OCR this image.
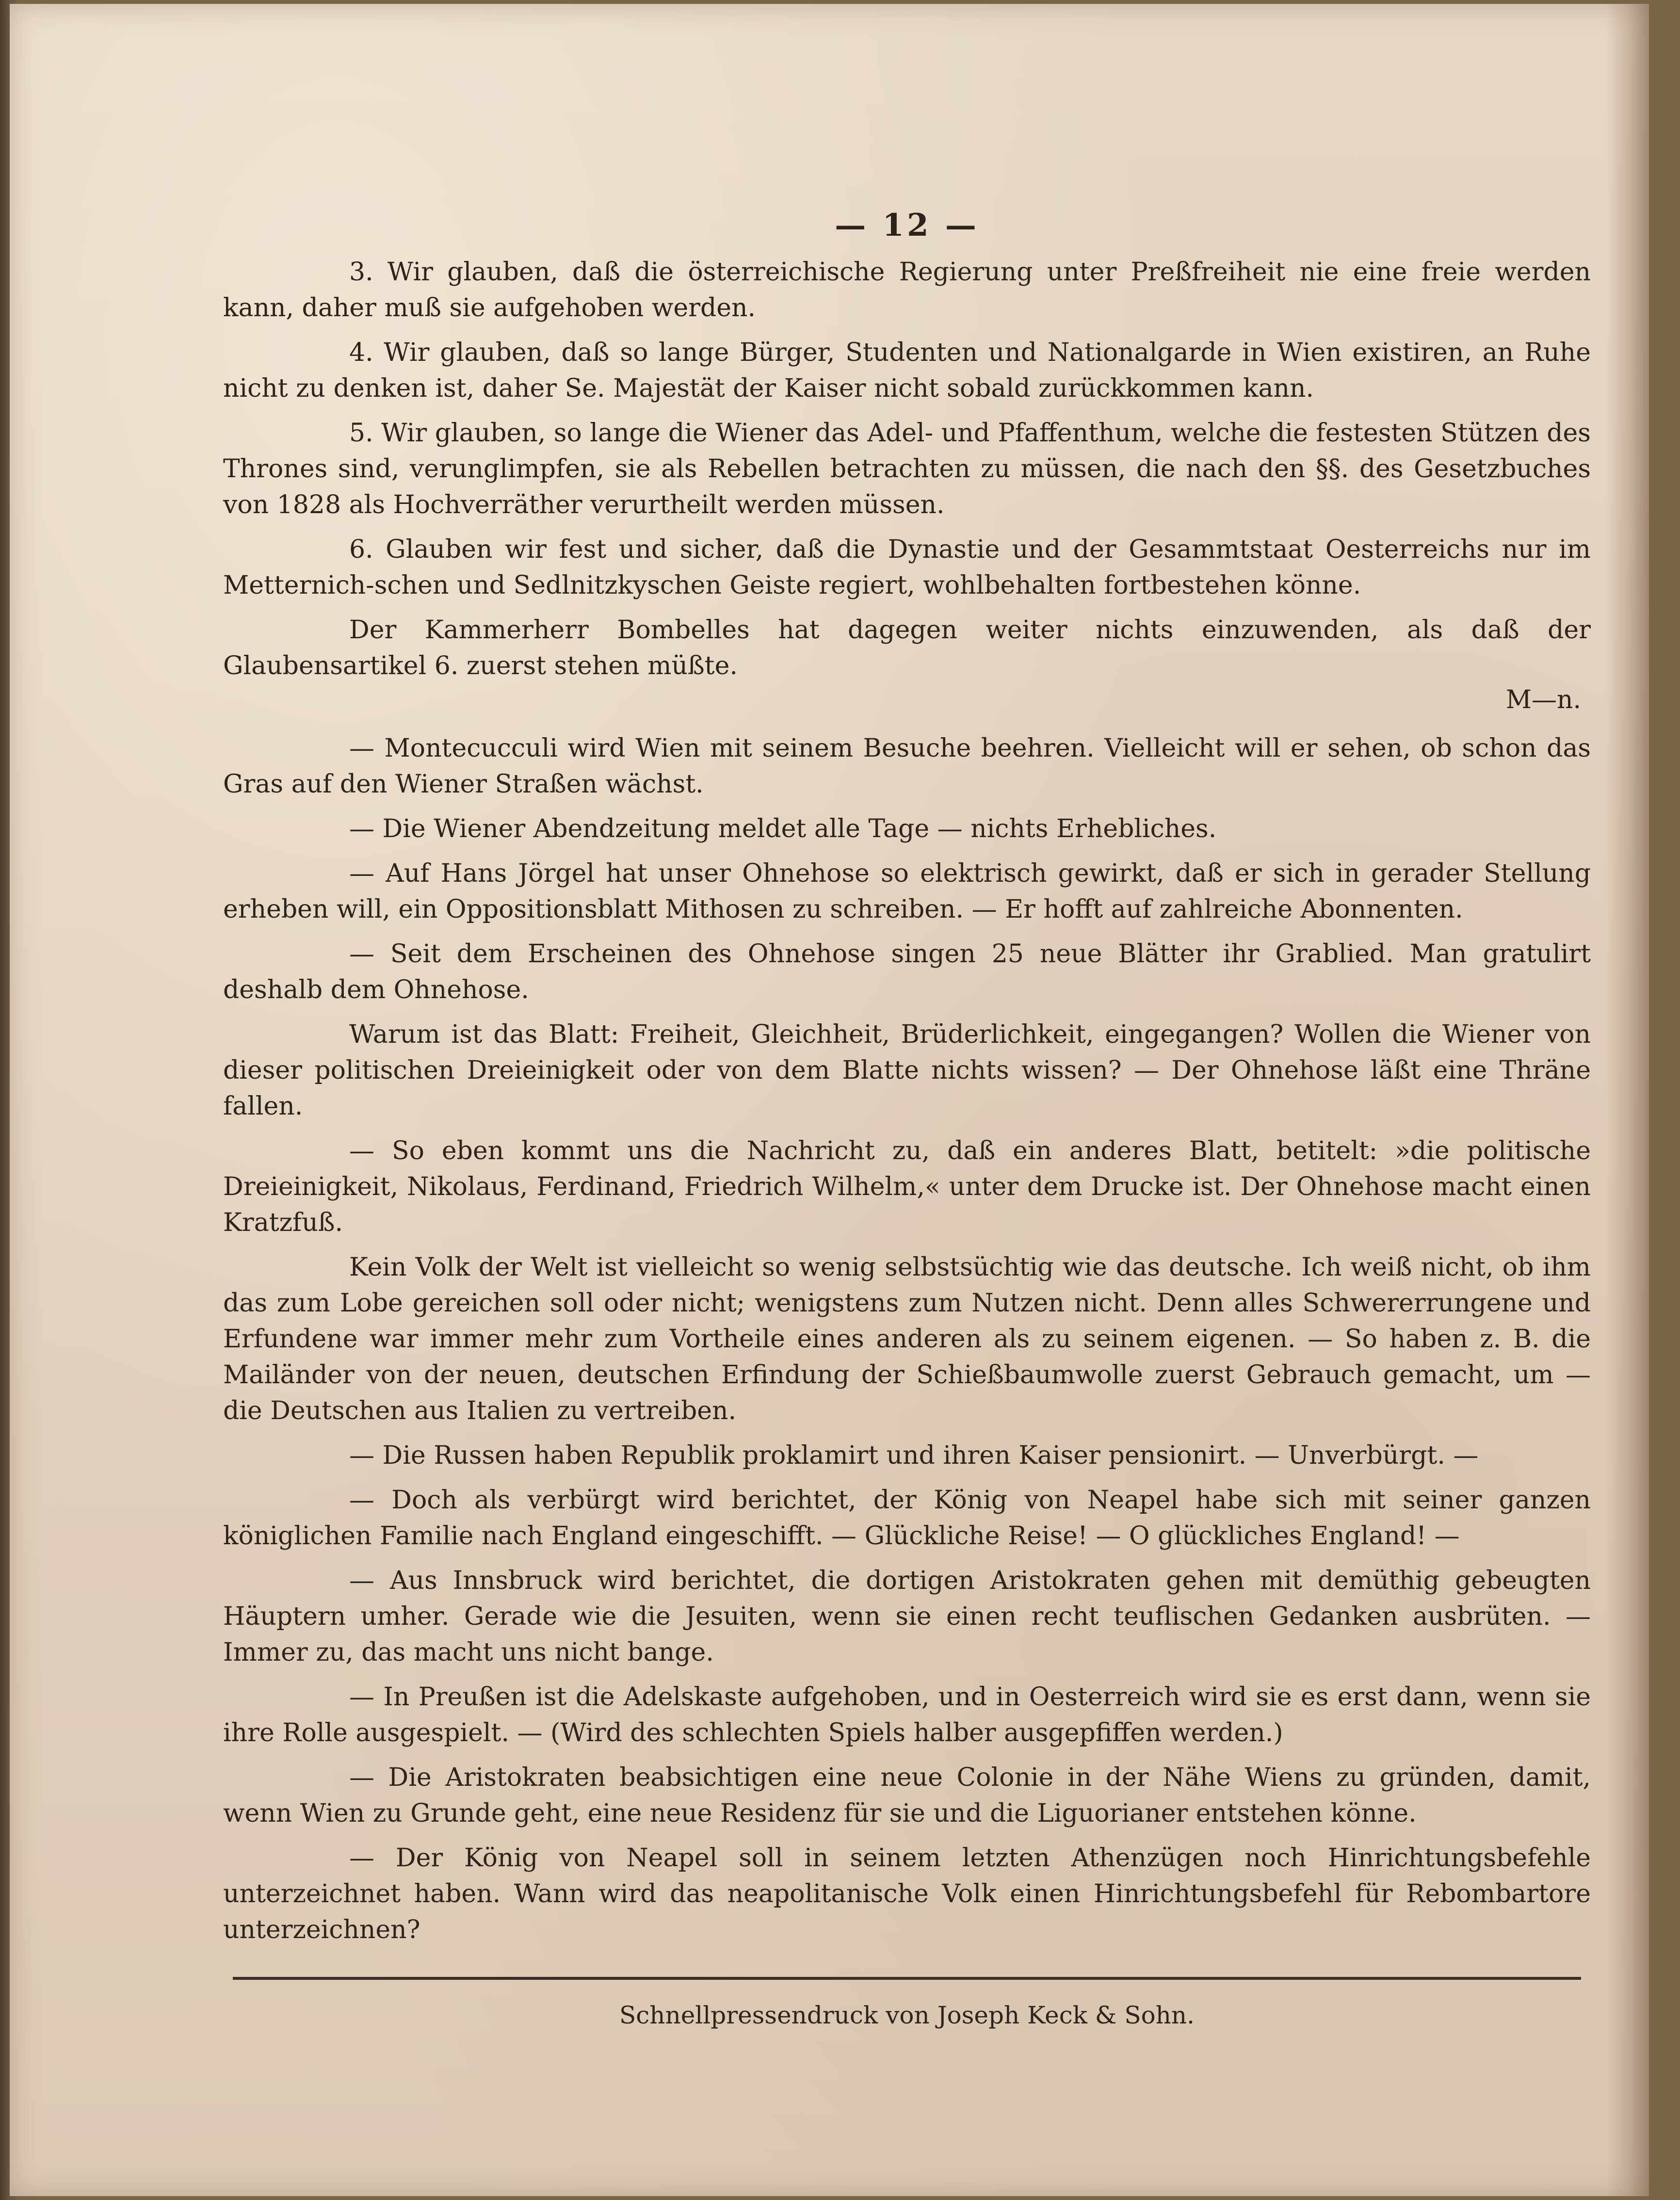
— 12 —

3. Wir glauben, daß die österreichische Regierung unter Preßfreiheit nie eine freie werden kann, daher muß sie aufgehoben werden.

4. Wir glauben, daß so lange Bürger, Studenten und Nationalgarde in Wien existiren, an Ruhe nicht zu denken ist, daher Se. Majestät der Kaiser nicht sobald zurückkommen kann.

5. Wir glauben, so lange die Wiener das Adel- und Pfaffenthum, welche die festesten Stützen des Thrones sind, verunglimpfen, sie als Rebellen betrachten zu müssen, die nach den §§. des Gesetzbuches von 1828 als Hochverräther verurtheilt werden müssen.

6. Glauben wir fest und sicher, daß die Dynastie und der Gesammtstaat Oesterreichs nur im Metternich-schen und Sedlnitzkyschen Geiste regiert, wohlbehalten fortbestehen könne.

Der Kammerherr Bombelles hat dagegen weiter nichts einzuwenden, als daß der Glaubensartikel 6. zuerst stehen müßte.

M—n.

— Montecucculi wird Wien mit seinem Besuche beehren. Vielleicht will er sehen, ob schon das Gras auf den Wiener Straßen wächst.

— Die Wiener Abendzeitung meldet alle Tage — nichts Erhebliches.

— Auf Hans Jörgel hat unser Ohnehose so elektrisch gewirkt, daß er sich in gerader Stellung erheben will, ein Oppositionsblatt Mithosen zu schreiben. — Er hofft auf zahlreiche Abonnenten.

— Seit dem Erscheinen des Ohnehose singen 25 neue Blätter ihr Grablied. Man gratulirt deshalb dem Ohnehose.

Warum ist das Blatt: Freiheit, Gleichheit, Brüderlichkeit, eingegangen? Wollen die Wiener von dieser politischen Dreieinigkeit oder von dem Blatte nichts wissen? — Der Ohnehose läßt eine Thräne fallen.

— So eben kommt uns die Nachricht zu, daß ein anderes Blatt, betitelt: »die politische Dreieinigkeit, Nikolaus, Ferdinand, Friedrich Wilhelm,« unter dem Drucke ist. Der Ohnehose macht einen Kratzfuß.

Kein Volk der Welt ist vielleicht so wenig selbstsüchtig wie das deutsche. Ich weiß nicht, ob ihm das zum Lobe gereichen soll oder nicht; wenigstens zum Nutzen nicht. Denn alles Schwererrungene und Erfundene war immer mehr zum Vortheile eines anderen als zu seinem eigenen. — So haben z. B. die Mailänder von der neuen, deutschen Erfindung der Schießbaumwolle zuerst Gebrauch gemacht, um — die Deutschen aus Italien zu vertreiben.

— Die Russen haben Republik proklamirt und ihren Kaiser pensionirt. — Unverbürgt. —

— Doch als verbürgt wird berichtet, der König von Neapel habe sich mit seiner ganzen königlichen Familie nach England eingeschifft. — Glückliche Reise! — O glückliches England! —

— Aus Innsbruck wird berichtet, die dortigen Aristokraten gehen mit demüthig gebeugten Häuptern umher. Gerade wie die Jesuiten, wenn sie einen recht teuflischen Gedanken ausbrüten. — Immer zu, das macht uns nicht bange.

— In Preußen ist die Adelskaste aufgehoben, und in Oesterreich wird sie es erst dann, wenn sie ihre Rolle ausgespielt. — (Wird des schlechten Spiels halber ausgepfiffen werden.)

— Die Aristokraten beabsichtigen eine neue Colonie in der Nähe Wiens zu gründen, damit, wenn Wien zu Grunde geht, eine neue Residenz für sie und die Liguorianer entstehen könne.

— Der König von Neapel soll in seinem letzten Athenzügen noch Hinrichtungsbefehle unterzeichnet haben. Wann wird das neapolitanische Volk einen Hinrichtungsbefehl für Rebombartore unterzeichnen?

Schnellpressendruck von Joseph Keck & Sohn.
